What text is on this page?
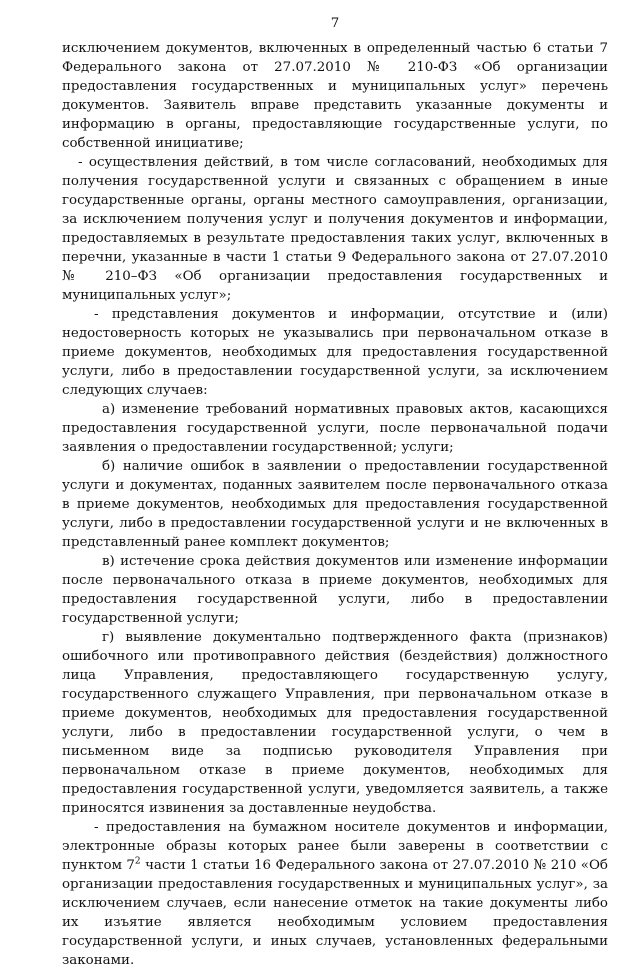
7

исключением документов, включенных в определенный частью 6 статьи 7 Федерального закона от 27.07.2010 № 210-ФЗ «Об организации предоставления государственных и муниципальных услуг» перечень документов. Заявитель вправе представить указанные документы и информацию в органы, предоставляющие государственные услуги, по собственной инициативе;

- осуществления действий, в том числе согласований, необходимых для получения государственной услуги и связанных с обращением в иные государственные органы, органы местного самоуправления, организации, за исключением получения услуг и получения документов и информации, предоставляемых в результате предоставления таких услуг, включенных в перечни, указанные в части 1 статьи 9 Федерального закона от 27.07.2010 № 210–ФЗ «Об организации предоставления государственных и муниципальных услуг»;

- представления документов и информации, отсутствие и (или) недостоверность которых не указывались при первоначальном отказе в приеме документов, необходимых для предоставления государственной услуги, либо в предоставлении государственной услуги, за исключением следующих случаев:

а) изменение требований нормативных правовых актов, касающихся предоставления государственной услуги, после первоначальной подачи заявления о предоставлении государственной; услуги;

б) наличие ошибок в заявлении о предоставлении государственной услуги и документах, поданных заявителем после первоначального отказа в приеме документов, необходимых для предоставления государственной услуги, либо в предоставлении государственной услуги и не включенных в представленный ранее комплект документов;

в) истечение срока действия документов или изменение информации после первоначального отказа в приеме документов, необходимых для предоставления государственной услуги, либо в предоставлении государственной услуги;

г) выявление документально подтвержденного факта (признаков) ошибочного или противоправного действия (бездействия) должностного лица Управления, предоставляющего государственную услугу, государственного служащего Управления, при первоначальном отказе в приеме документов, необходимых для предоставления государственной услуги, либо в предоставлении государственной услуги, о чем в письменном виде за подписью руководителя Управления при первоначальном отказе в приеме документов, необходимых для предоставления государственной услуги, уведомляется заявитель, а также приносятся извинения за доставленные неудобства.

- предоставления на бумажном носителе документов и информации, электронные образы которых ранее были заверены в соответствии с пунктом $7^2$ части 1 статьи 16 Федерального закона от 27.07.2010 № 210 «Об организации предоставления государственных и муниципальных услуг», за исключением случаев, если нанесение отметок на такие документы либо их изъятие является необходимым условием предоставления государственной услуги, и иных случаев, установленных федеральными законами.
